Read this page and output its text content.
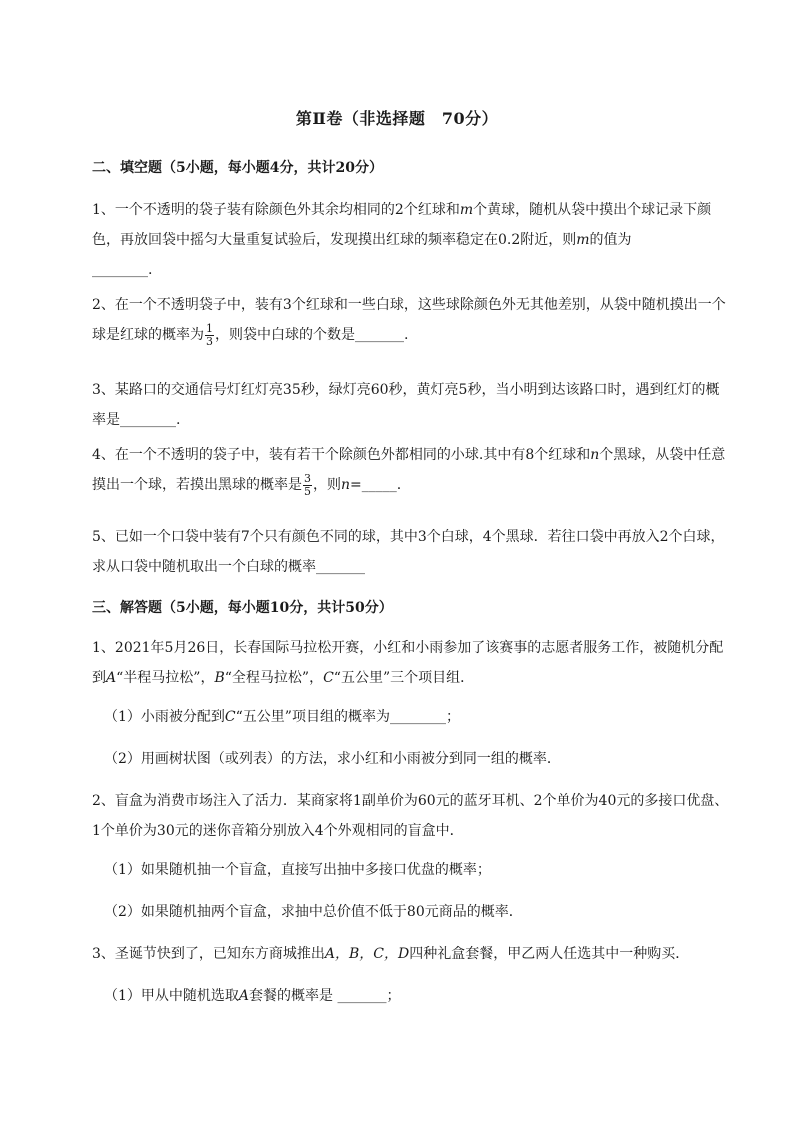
第Ⅱ卷（非选择题　70分）
二、填空题（5小题，每小题4分，共计20分）
1、一个不透明的袋子装有除颜色外其余均相同的2个红球和m个黄球，随机从袋中摸出个球记录下颜色，再放回袋中摇匀大量重复试验后，发现摸出红球的频率稳定在0.2附近，则m的值为
________.
2、在一个不透明袋子中，装有3个红球和一些白球，这些球除颜色外无其他差别，从袋中随机摸出一个球是红球的概率为 $\frac{1}{3}$ ，则袋中白球的个数是_______.
3、某路口的交通信号灯红灯亮35秒，绿灯亮60秒，黄灯亮5秒，当小明到达该路口时，遇到红灯的概率是________.
4、在一个不透明的袋子中，装有若干个除颜色外都相同的小球.其中有8个红球和n个黑球，从袋中任意摸出一个球，若摸出黑球的概率是 $\frac{3}{5}$ ，则n=_____.
5、已如一个口袋中装有7个只有颜色不同的球，其中3个白球，4个黑球．若往口袋中再放入2个白球，求从口袋中随机取出一个白球的概率_______
三、解答题（5小题，每小题10分，共计50分）
1、2021年5月26日，长春国际马拉松开赛，小红和小雨参加了该赛事的志愿者服务工作，被随机分配到A“半程马拉松”，B“全程马拉松”，C“五公里”三个项目组．
（1）小雨被分配到C“五公里”项目组的概率为________；
（2）用画树状图（或列表）的方法，求小红和小雨被分到同一组的概率．
2、盲盒为消费市场注入了活力．某商家将1副单价为60元的蓝牙耳机、2个单价为40元的多接口优盘、1个单价为30元的迷你音箱分别放入4个外观相同的盲盒中．
（1）如果随机抽一个盲盒，直接写出抽中多接口优盘的概率；
（2）如果随机抽两个盲盒，求抽中总价值不低于80元商品的概率．
3、圣诞节快到了，已知东方商城推出A，B，C，D四种礼盒套餐，甲乙两人任选其中一种购买．
（1）甲从中随机选取A套餐的概率是 _______；
